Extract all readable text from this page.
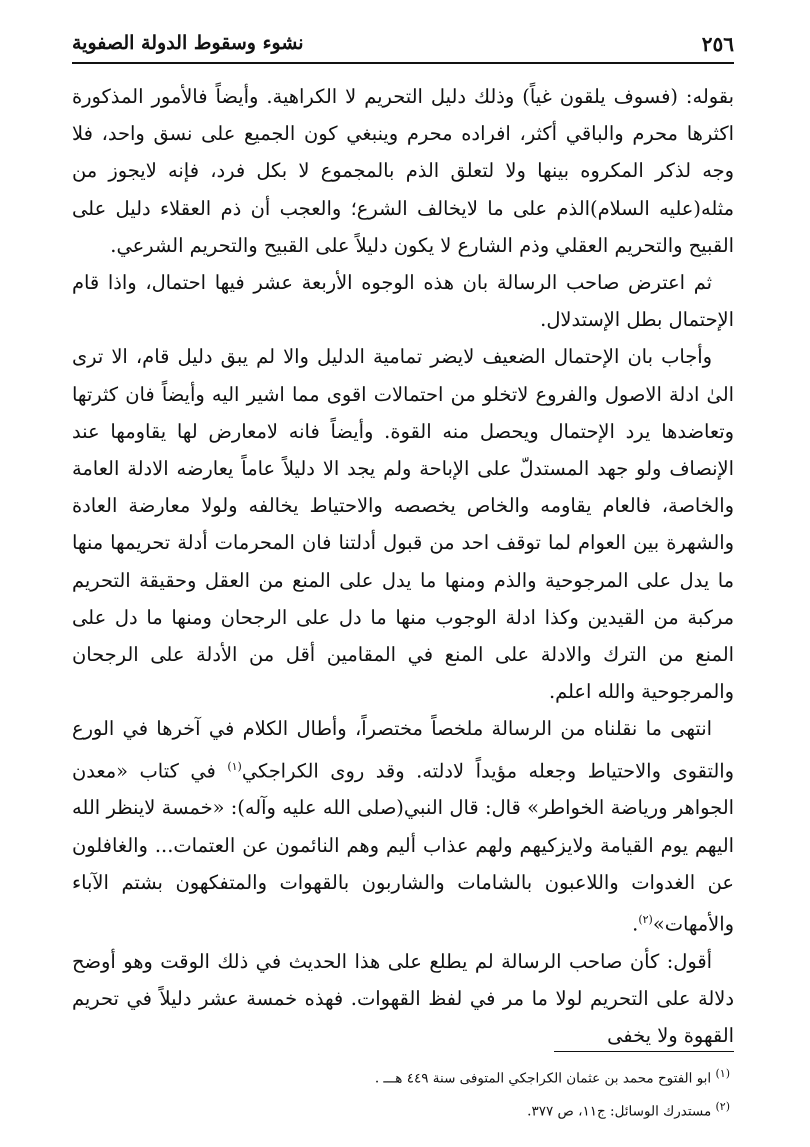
٢٥٦
نشوء وسقوط الدولة الصفوية

بقوله: (فسوف يلقون غياً) وذلك دليل التحريم لا الكراهية. وأيضاً فالأمور المذكورة اكثرها محرم والباقي أكثر، افراده محرم وينبغي كون الجميع على نسق واحد، فلا وجه لذكر المكروه بينها ولا لتعلق الذم بالمجموع لا بكل فرد، فإنه لايجوز من مثله(عليه السلام)الذم على ما لايخالف الشرع؛ والعجب أن ذم العقلاء دليل على القبيح والتحريم العقلي وذم الشارع لا يكون دليلاً على القبيح والتحريم الشرعي.

ثم اعترض صاحب الرسالة بان هذه الوجوه الأربعة عشر فيها احتمال، واذا قام الإحتمال بطل الإستدلال.

وأجاب بان الإحتمال الضعيف لايضر تمامية الدليل والا لم يبق دليل قام، الا ترى الىٰ ادلة الاصول والفروع لاتخلو من احتمالات اقوى مما اشير اليه وأيضاً فان كثرتها وتعاضدها يرد الإحتمال ويحصل منه القوة. وأيضاً فانه لامعارض لها يقاومها عند الإنصاف ولو جهد المستدلّ على الإباحة ولم يجد الا دليلاً عاماً يعارضه الادلة العامة والخاصة، فالعام يقاومه والخاص يخصصه والاحتياط يخالفه ولولا معارضة العادة والشهرة بين العوام لما توقف احد من قبول أدلتنا فان المحرمات أدلة تحريمها منها ما يدل على المرجوحية والذم ومنها ما يدل على المنع من العقل وحقيقة التحريم مركبة من القيدين وكذا ادلة الوجوب منها ما دل على الرجحان ومنها ما دل على المنع من الترك والادلة على المنع في المقامين أقل من الأدلة على الرجحان والمرجوحية والله اعلم.

انتهى ما نقلناه من الرسالة ملخصاً مختصراً، وأطال الكلام في آخرها في الورع والتقوى والاحتياط وجعله مؤيداً لادلته. وقد روى الكراجكي$^{(١)}$ في كتاب «معدن الجواهر ورياضة الخواطر» قال: قال النبي(صلى الله عليه وآله): «خمسة لاينظر الله اليهم يوم القيامة ولايزكيهم ولهم عذاب أليم وهم النائمون عن العتمات... والغافلون عن الغدوات واللاعبون بالشامات والشاربون بالقهوات والمتفكهون بشتم الآباء والأمهات»$^{(٢)}$.

أقول: كأن صاحب الرسالة لم يطلع على هذا الحديث في ذلك الوقت وهو أوضح دلالة على التحريم لولا ما مر في لفظ القهوات. فهذه خمسة عشر دليلاً في تحريم القهوة ولا يخفى

$^{(١)}$ ابو الفتوح محمد بن عثمان الكراجكي المتوفى سنة ٤٤٩ هـــ .
$^{(٢)}$ مستدرك الوسائل: ج١١، ص ٣٧٧.
